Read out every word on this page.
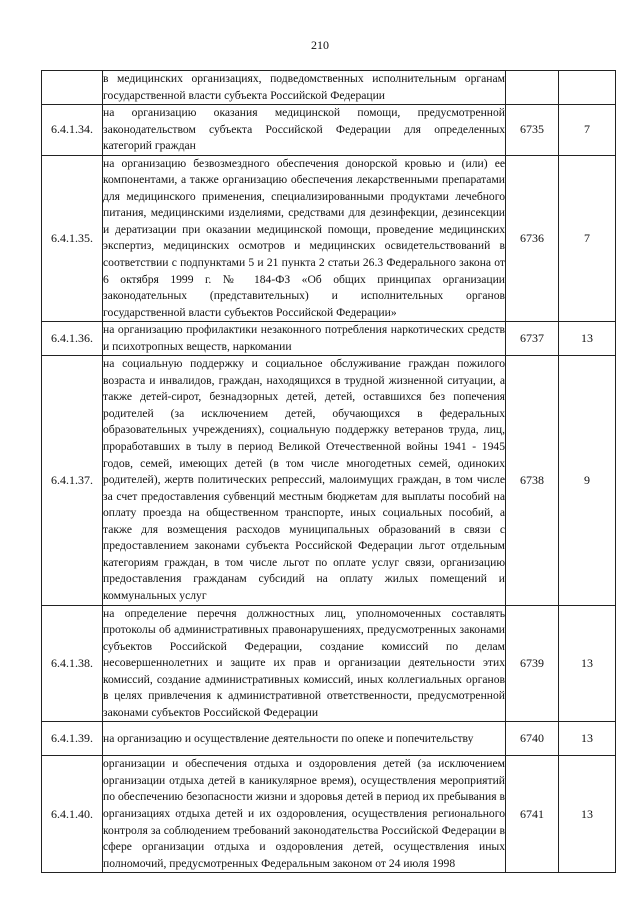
210

	в медицинских организациях, подведомственных исполнительным органам государственной власти субъекта Российской Федерации		

6.4.1.34.	на организацию оказания медицинской помощи, предусмотренной законодательством субъекта Российской Федерации для определенных категорий граждан	6735	7
6.4.1.35.	на организацию безвозмездного обеспечения донорской кровью и (или) ее компонентами, а также организацию обеспечения лекарственными препаратами для медицинского применения, специализированными продуктами лечебного питания, медицинскими изделиями, средствами для дезинфекции, дезинсекции и дератизации при оказании медицинской помощи, проведение медицинских экспертиз, медицинских осмотров и медицинских освидетельствований в соответствии с подпунктами 5 и 21 пункта 2 статьи 26.3 Федерального закона от 6 октября 1999 г. № 184-ФЗ «Об общих принципах организации законодательных (представительных) и исполнительных органов государственной власти субъектов Российской Федерации»	6736	7
6.4.1.36.	на организацию профилактики незаконного потребления наркотических средств и психотропных веществ, наркомании	6737	13
6.4.1.37.	на социальную поддержку и социальное обслуживание граждан пожилого возраста и инвалидов, граждан, находящихся в трудной жизненной ситуации, а также детей-сирот, безнадзорных детей, детей, оставшихся без попечения родителей (за исключением детей, обучающихся в федеральных образовательных учреждениях), социальную поддержку ветеранов труда, лиц, проработавших в тылу в период Великой Отечественной войны 1941 - 1945 годов, семей, имеющих детей (в том числе многодетных семей, одиноких родителей), жертв политических репрессий, малоимущих граждан, в том числе за счет предоставления субвенций местным бюджетам для выплаты пособий на оплату проезда на общественном транспорте, иных социальных пособий, а также для возмещения расходов муниципальных образований в связи с предоставлением законами субъекта Российской Федерации льгот отдельным категориям граждан, в том числе льгот по оплате услуг связи, организацию предоставления гражданам субсидий на оплату жилых помещений и коммунальных услуг	6738	9
6.4.1.38.	на определение перечня должностных лиц, уполномоченных составлять протоколы об административных правонарушениях, предусмотренных законами субъектов Российской Федерации, создание комиссий по делам несовершеннолетних и защите их прав и организации деятельности этих комиссий, создание административных комиссий, иных коллегиальных органов в целях привлечения к административной ответственности, предусмотренной законами субъектов Российской Федерации	6739	13
6.4.1.39.	на организацию и осуществление деятельности по опеке и попечительству	6740	13
6.4.1.40.	организации и обеспечения отдыха и оздоровления детей (за исключением организации отдыха детей в каникулярное время), осуществления мероприятий по обеспечению безопасности жизни и здоровья детей в период их пребывания в организациях отдыха детей и их оздоровления, осуществления регионального контроля за соблюдением требований законодательства Российской Федерации в сфере организации отдыха и оздоровления детей, осуществления иных полномочий, предусмотренных Федеральным законом от 24 июля 1998	6741	13
